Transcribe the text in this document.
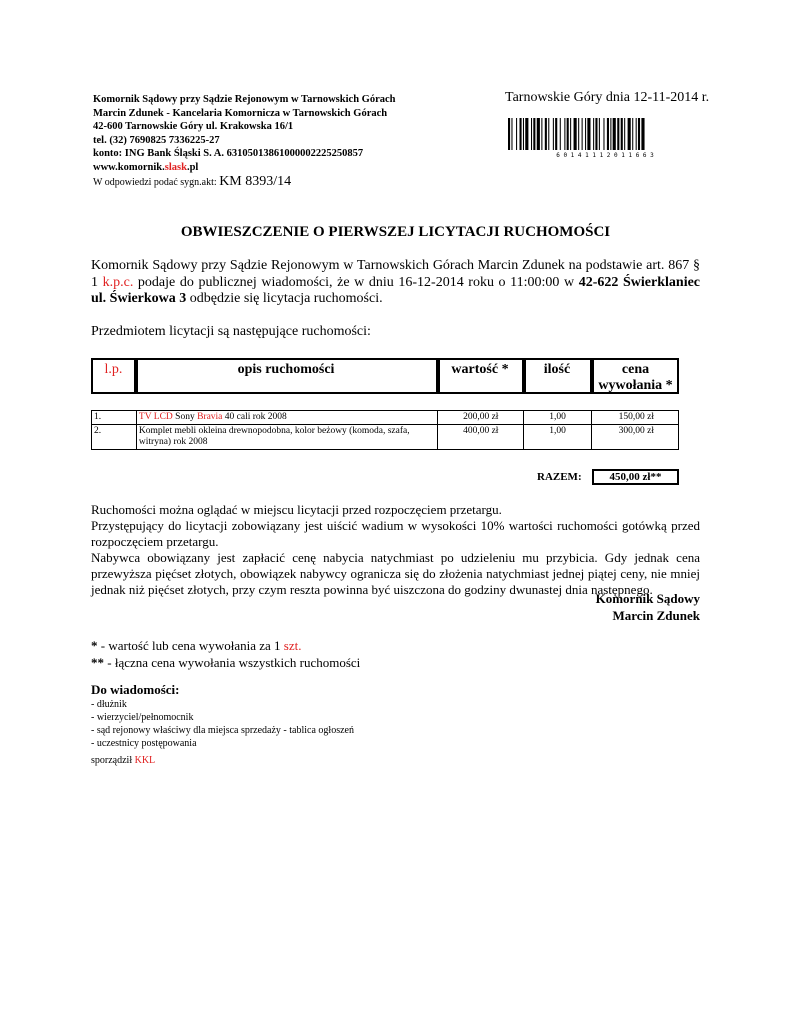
Komornik Sądowy przy Sądzie Rejonowym w Tarnowskich Górach
Marcin Zdunek - Kancelaria Komornicza w Tarnowskich Górach
42-600 Tarnowskie Góry ul. Krakowska 16/1
tel. (32) 7690825 7336225-27
konto: ING Bank Śląski S. A. 63105013861000002225250857
www.komornik.slask.pl
W odpowiedzi podać sygn.akt: KM 8393/14
Tarnowskie Góry dnia 12-11-2014 r.
6 0 1 4 1 1 1 2 0 1 1 6 6 3
OBWIESZCZENIE O PIERWSZEJ LICYTACJI RUCHOMOŚCI
Komornik Sądowy przy Sądzie Rejonowym w Tarnowskich Górach Marcin Zdunek na podstawie art. 867 § 1 k.p.c. podaje do publicznej wiadomości, że w dniu 16-12-2014 roku o 11:00:00 w 42-622 Świerklaniec ul. Świerkowa 3 odbędzie się licytacja ruchomości.
Przedmiotem licytacji są następujące ruchomości:
l.p.	opis ruchomości	wartość *	ilość	cena
wywołania *
1.	TV LCD Sony Bravia 40 cali rok 2008	200,00 zł	1,00	150,00 zł
2.	Komplet mebli okleina drewnopodobna, kolor beżowy (komoda, szafa, witryna) rok 2008	400,00 zł	1,00	300,00 zł
RAZEM:	450,00 zł**

Ruchomości można oglądać w miejscu licytacji przed rozpoczęciem przetargu.

Przystępujący do licytacji zobowiązany jest uiścić wadium w wysokości 10% wartości ruchomości gotówką przed rozpoczęciem przetargu.

Nabywca obowiązany jest zapłacić cenę nabycia natychmiast po udzieleniu mu przybicia. Gdy jednak cena przewyższa pięćset złotych, obowiązek nabywcy ogranicza się do złożenia natychmiast jednej piątej ceny, nie mniej jednak niż pięćset złotych, przy czym reszta powinna być uiszczona do godziny dwunastej dnia następnego.

Komornik Sądowy
Marcin Zdunek
* - wartość lub cena wywołania za 1 szt.
** - łączna cena wywołania wszystkich ruchomości
Do wiadomości:
- dłużnik
- wierzyciel/pełnomocnik
- sąd rejonowy właściwy dla miejsca sprzedaży - tablica ogłoszeń
- uczestnicy postępowania
sporządził KKL
